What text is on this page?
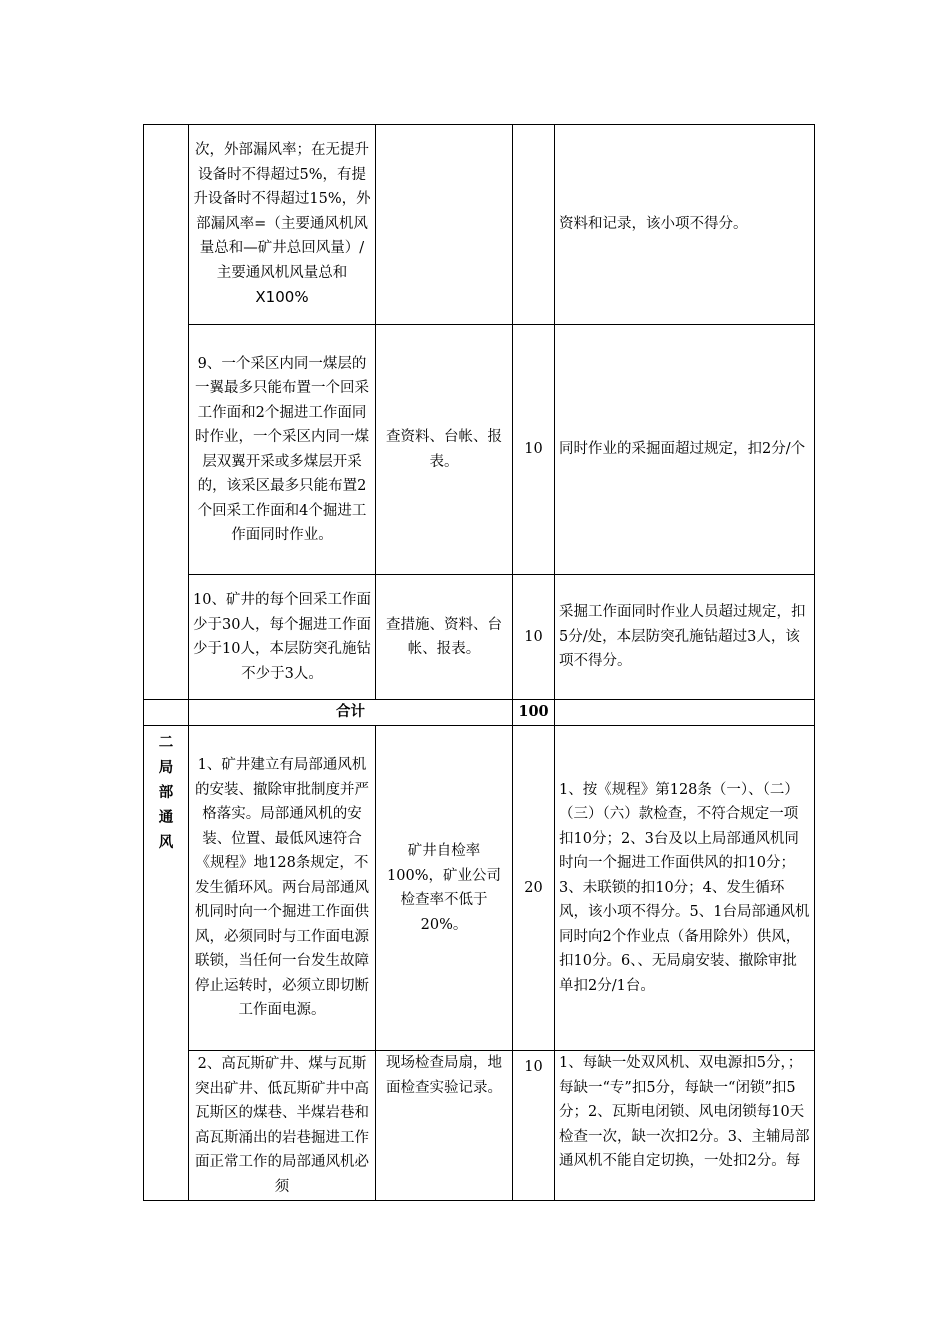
	次，外部漏风率；在无提升设备时不得超过5%，有提升设备时不得超过15%，外部漏风率=（主要通风机风量总和—矿井总回风量）/主要通风机风量总和
X100%			资料和记录，该小项不得分。
	9、一个采区内同一煤层的一翼最多只能布置一个回采工作面和2个掘进工作面同时作业，一个采区内同一煤层双翼开采或多煤层开采的，该采区最多只能布置2个回采工作面和4个掘进工作面同时作业。	查资料、台帐、报表。	10	同时作业的采掘面超过规定，扣2分/个
	10、矿井的每个回采工作面少于30人，每个掘进工作面少于10人，本层防突孔施钻不少于3人。	查措施、资料、台帐、报表。	10	采掘工作面同时作业人员超过规定，扣5分/处，本层防突孔施钻超过3人，该项不得分。
	合计		100	
二局部通风	1、矿井建立有局部通风机的安装、撤除审批制度并严格落实。局部通风机的安装、位置、最低风速符合《规程》地128条规定，不发生循环风。两台局部通风机同时向一个掘进工作面供风，必须同时与工作面电源联锁，当任何一台发生故障停止运转时，必须立即切断工作面电源。	矿井自检率100%，矿业公司检查率不低于20%。	20	1、按《规程》第128条（一）、（二）（三）（六）款检查，不符合规定一项扣10分；2、3台及以上局部通风机同时向一个掘进工作面供风的扣10分；3、未联锁的扣10分；4、发生循环风，该小项不得分。5、1台局部通风机同时向2个作业点（备用除外）供风，扣10分。6、、无局扇安装、撤除审批单扣2分/1台。
	2、高瓦斯矿井、煤与瓦斯突出矿井、低瓦斯矿井中高瓦斯区的煤巷、半煤岩巷和高瓦斯涌出的岩巷掘进工作面正常工作的局部通风机必须	现场检查局扇，地面检查实验记录。	10	1、每缺一处双风机、双电源扣5分，；每缺一“专”扣5分，每缺一“闭锁”扣5分；2、瓦斯电闭锁、风电闭锁每10天检查一次，缺一次扣2分。3、主辅局部通风机不能自定切换，一处扣2分。每
